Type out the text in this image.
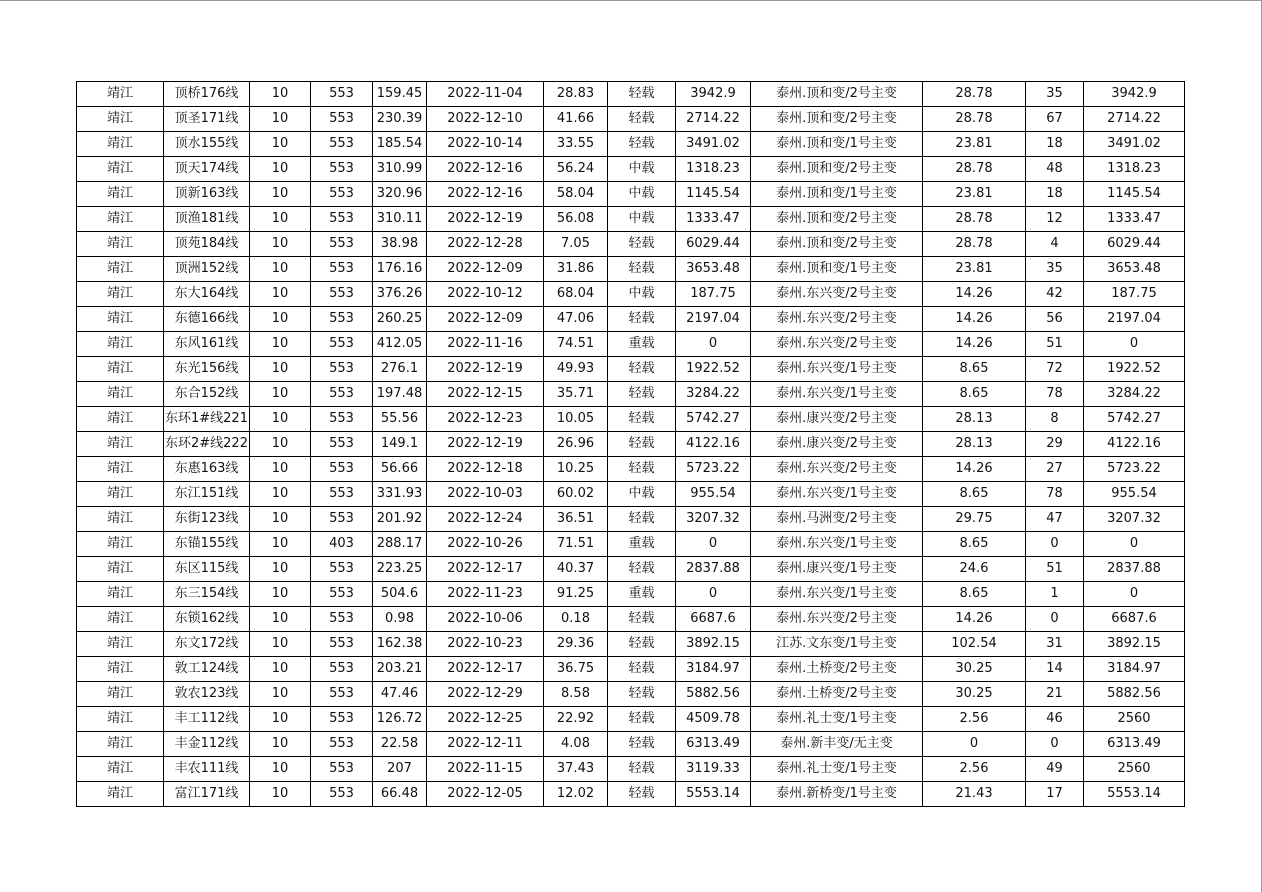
靖江	顶桥176线	10	553	159.45	2022-11-04	28.83	轻载	3942.9	泰州.顶和变/2号主变	28.78	35	3942.9
靖江	顶圣171线	10	553	230.39	2022-12-10	41.66	轻载	2714.22	泰州.顶和变/2号主变	28.78	67	2714.22
靖江	顶水155线	10	553	185.54	2022-10-14	33.55	轻载	3491.02	泰州.顶和变/1号主变	23.81	18	3491.02
靖江	顶天174线	10	553	310.99	2022-12-16	56.24	中载	1318.23	泰州.顶和变/2号主变	28.78	48	1318.23
靖江	顶新163线	10	553	320.96	2022-12-16	58.04	中载	1145.54	泰州.顶和变/1号主变	23.81	18	1145.54
靖江	顶渔181线	10	553	310.11	2022-12-19	56.08	中载	1333.47	泰州.顶和变/2号主变	28.78	12	1333.47
靖江	顶苑184线	10	553	38.98	2022-12-28	7.05	轻载	6029.44	泰州.顶和变/2号主变	28.78	4	6029.44
靖江	顶洲152线	10	553	176.16	2022-12-09	31.86	轻载	3653.48	泰州.顶和变/1号主变	23.81	35	3653.48
靖江	东大164线	10	553	376.26	2022-10-12	68.04	中载	187.75	泰州.东兴变/2号主变	14.26	42	187.75
靖江	东德166线	10	553	260.25	2022-12-09	47.06	轻载	2197.04	泰州.东兴变/2号主变	14.26	56	2197.04
靖江	东风161线	10	553	412.05	2022-11-16	74.51	重载	0	泰州.东兴变/2号主变	14.26	51	0
靖江	东光156线	10	553	276.1	2022-12-19	49.93	轻载	1922.52	泰州.东兴变/1号主变	8.65	72	1922.52
靖江	东合152线	10	553	197.48	2022-12-15	35.71	轻载	3284.22	泰州.东兴变/1号主变	8.65	78	3284.22
靖江	东环1#线221	10	553	55.56	2022-12-23	10.05	轻载	5742.27	泰州.康兴变/2号主变	28.13	8	5742.27
靖江	东环2#线222	10	553	149.1	2022-12-19	26.96	轻载	4122.16	泰州.康兴变/2号主变	28.13	29	4122.16
靖江	东惠163线	10	553	56.66	2022-12-18	10.25	轻载	5723.22	泰州.东兴变/2号主变	14.26	27	5723.22
靖江	东江151线	10	553	331.93	2022-10-03	60.02	中载	955.54	泰州.东兴变/1号主变	8.65	78	955.54
靖江	东街123线	10	553	201.92	2022-12-24	36.51	轻载	3207.32	泰州.马洲变/2号主变	29.75	47	3207.32
靖江	东锚155线	10	403	288.17	2022-10-26	71.51	重载	0	泰州.东兴变/1号主变	8.65	0	0
靖江	东区115线	10	553	223.25	2022-12-17	40.37	轻载	2837.88	泰州.康兴变/1号主变	24.6	51	2837.88
靖江	东三154线	10	553	504.6	2022-11-23	91.25	重载	0	泰州.东兴变/1号主变	8.65	1	0
靖江	东锁162线	10	553	0.98	2022-10-06	0.18	轻载	6687.6	泰州.东兴变/2号主变	14.26	0	6687.6
靖江	东文172线	10	553	162.38	2022-10-23	29.36	轻载	3892.15	江苏.文东变/1号主变	102.54	31	3892.15
靖江	敦工124线	10	553	203.21	2022-12-17	36.75	轻载	3184.97	泰州.土桥变/2号主变	30.25	14	3184.97
靖江	敦农123线	10	553	47.46	2022-12-29	8.58	轻载	5882.56	泰州.土桥变/2号主变	30.25	21	5882.56
靖江	丰工112线	10	553	126.72	2022-12-25	22.92	轻载	4509.78	泰州.礼士变/1号主变	2.56	46	2560
靖江	丰金112线	10	553	22.58	2022-12-11	4.08	轻载	6313.49	泰州.新丰变/无主变	0	0	6313.49
靖江	丰农111线	10	553	207	2022-11-15	37.43	轻载	3119.33	泰州.礼士变/1号主变	2.56	49	2560
靖江	富江171线	10	553	66.48	2022-12-05	12.02	轻载	5553.14	泰州.新桥变/1号主变	21.43	17	5553.14
